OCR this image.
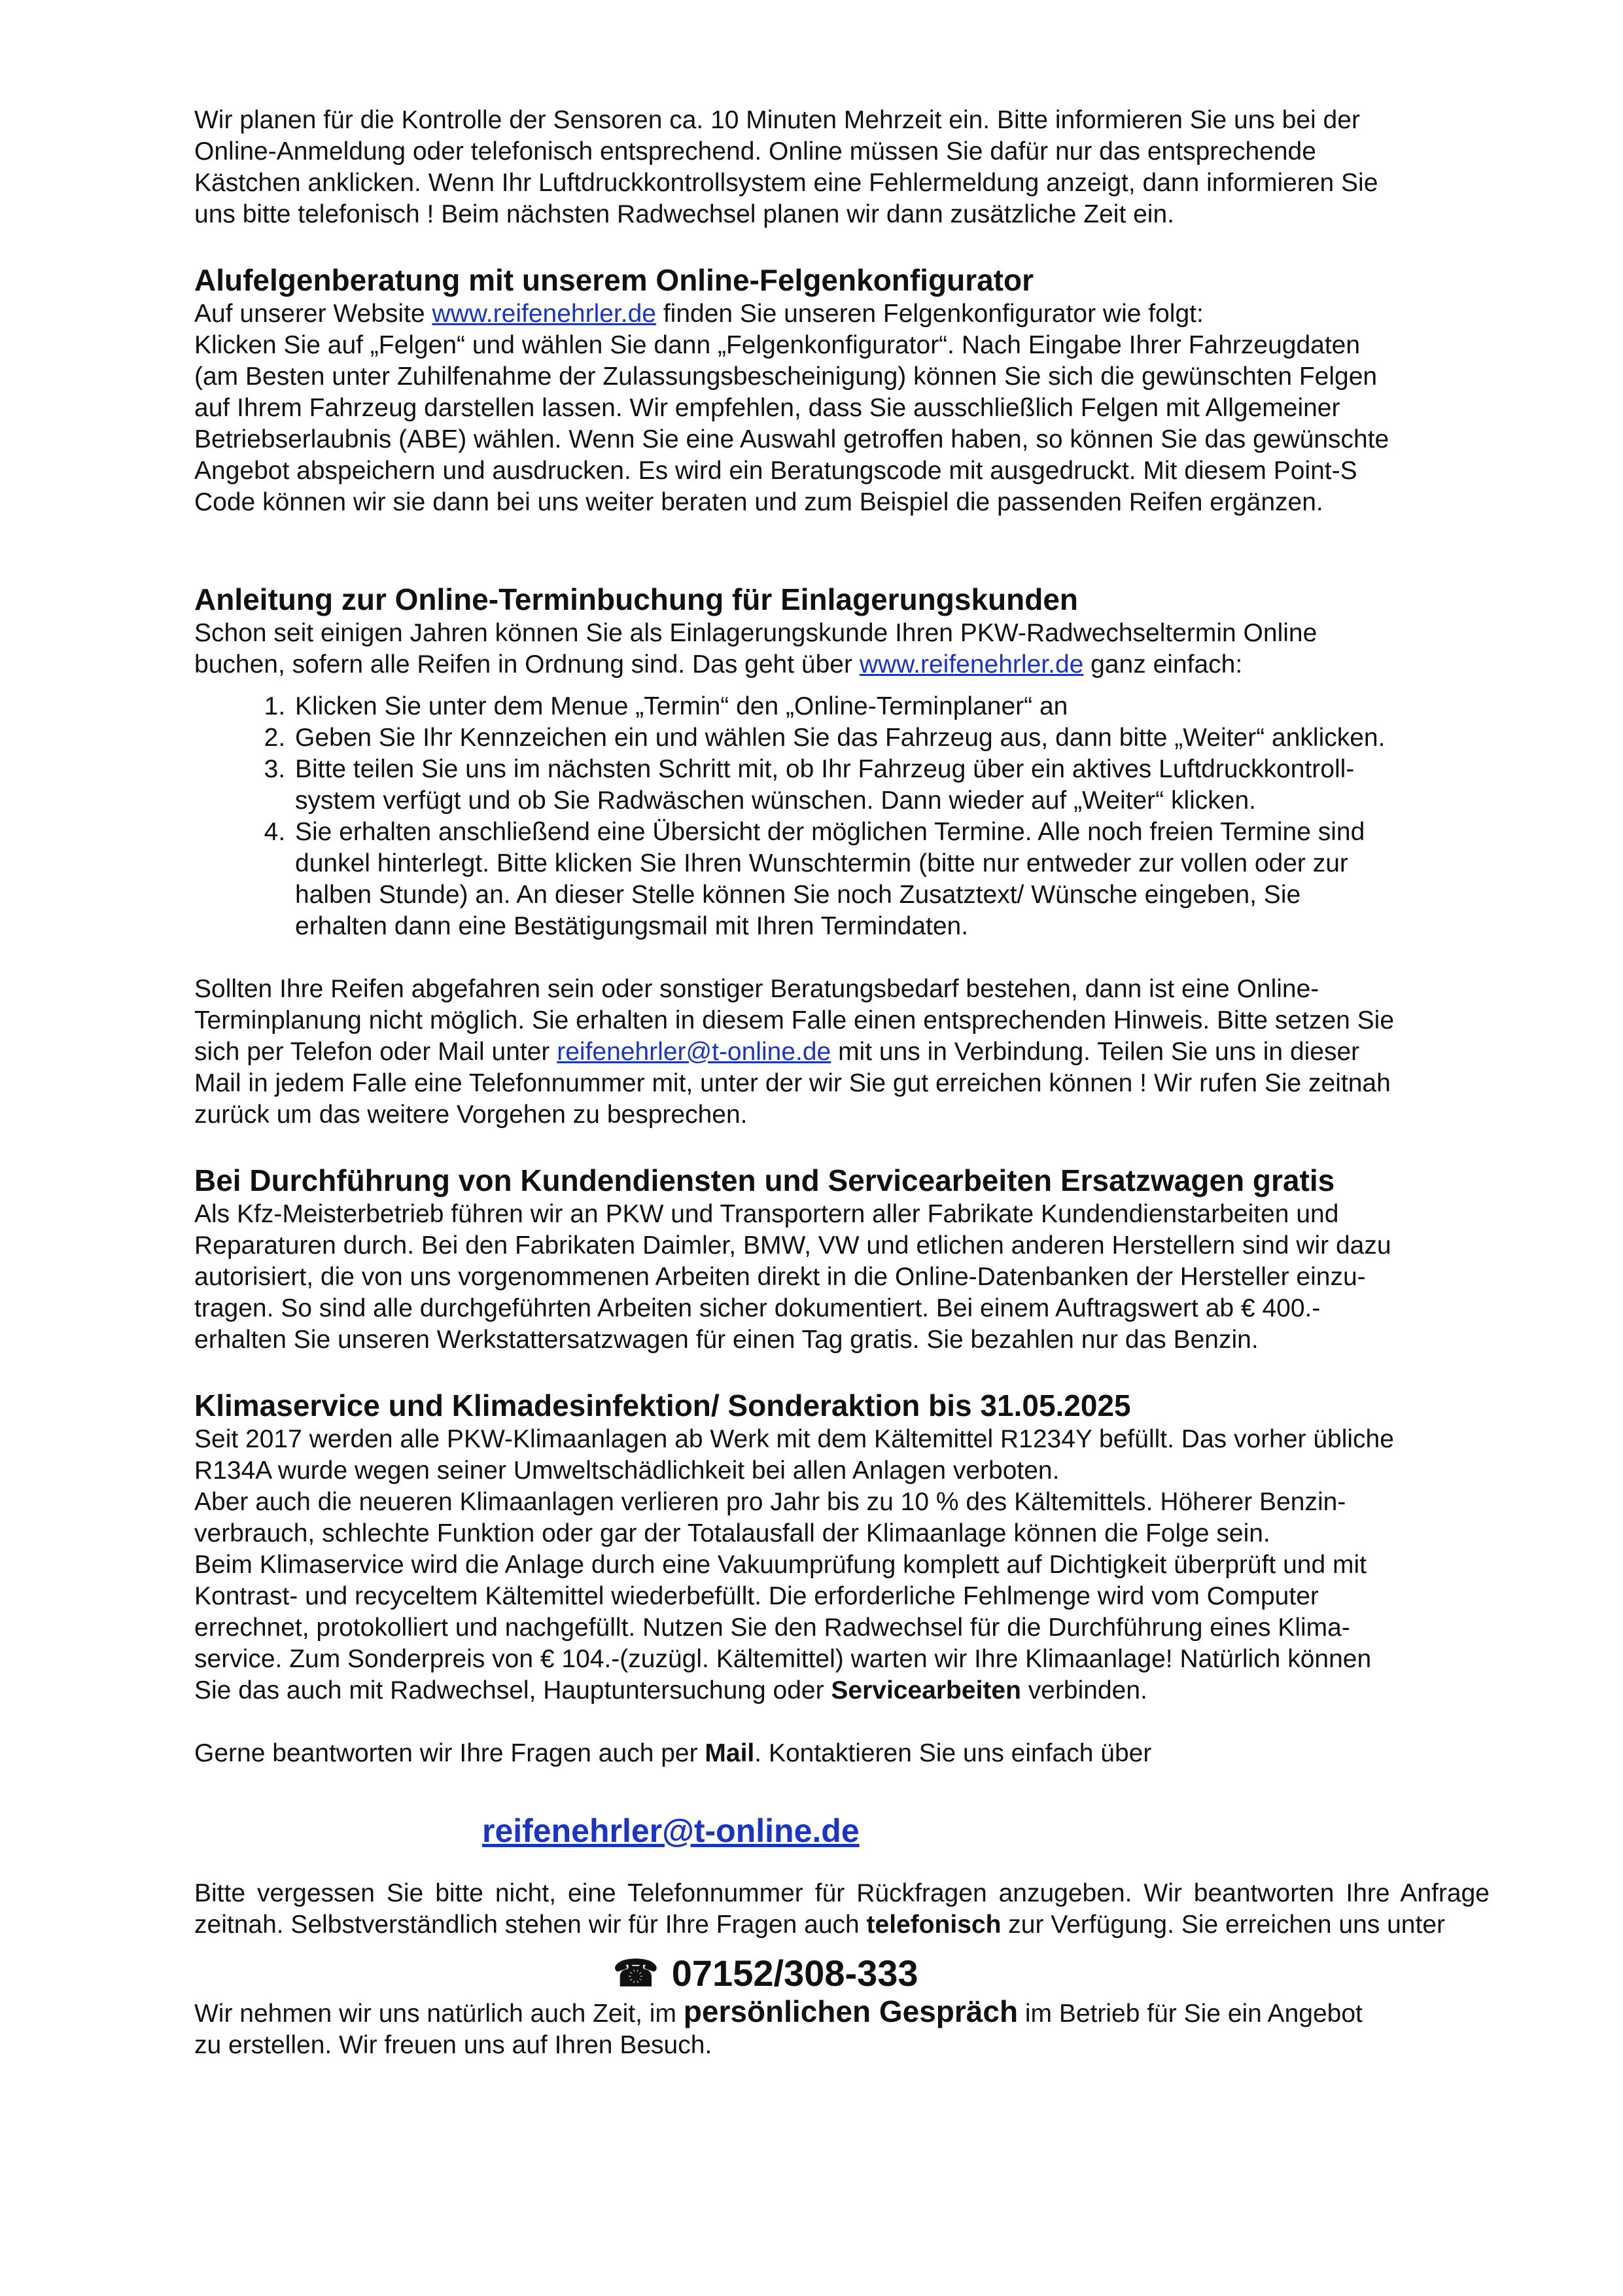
Wir planen für die Kontrolle der Sensoren ca. 10 Minuten Mehrzeit ein. Bitte informieren Sie uns bei der

Online-Anmeldung oder telefonisch entsprechend. Online müssen Sie dafür nur das entsprechende

Kästchen anklicken. Wenn Ihr Luftdruckkontrollsystem eine Fehlermeldung anzeigt, dann informieren Sie

uns bitte telefonisch ! Beim nächsten Radwechsel planen wir dann zusätzliche Zeit ein.

Alufelgenberatung mit unserem Online-Felgenkonfigurator

Auf unserer Website www.reifenehrler.de finden Sie unseren Felgenkonfigurator wie folgt:

Klicken Sie auf „Felgen“ und wählen Sie dann „Felgenkonfigurator“. Nach Eingabe Ihrer Fahrzeugdaten

(am Besten unter Zuhilfenahme der Zulassungsbescheinigung) können Sie sich die gewünschten Felgen

auf Ihrem Fahrzeug darstellen lassen. Wir empfehlen, dass Sie ausschließlich Felgen mit Allgemeiner

Betriebserlaubnis (ABE) wählen. Wenn Sie eine Auswahl getroffen haben, so können Sie das gewünschte

Angebot abspeichern und ausdrucken. Es wird ein Beratungscode mit ausgedruckt. Mit diesem Point-S

Code können wir sie dann bei uns weiter beraten und zum Beispiel die passenden Reifen ergänzen.

Anleitung zur Online-Terminbuchung für Einlagerungskunden

Schon seit einigen Jahren können Sie als Einlagerungskunde Ihren PKW-Radwechseltermin Online

buchen, sofern alle Reifen in Ordnung sind. Das geht über www.reifenehrler.de ganz einfach:

1. Klicken Sie unter dem Menue „Termin“ den „Online-Terminplaner“ an
2. Geben Sie Ihr Kennzeichen ein und wählen Sie das Fahrzeug aus, dann bitte „Weiter“ anklicken.
3. Bitte teilen Sie uns im nächsten Schritt mit, ob Ihr Fahrzeug über ein aktives Luftdruckkontroll-system verfügt und ob Sie Radwäschen wünschen. Dann wieder auf „Weiter“ klicken.
4. Sie erhalten anschließend eine Übersicht der möglichen Termine. Alle noch freien Termine sind dunkel hinterlegt. Bitte klicken Sie Ihren Wunschtermin (bitte nur entweder zur vollen oder zur halben Stunde) an. An dieser Stelle können Sie noch Zusatztext/ Wünsche eingeben, Sie erhalten dann eine Bestätigungsmail mit Ihren Termindaten.

Sollten Ihre Reifen abgefahren sein oder sonstiger Beratungsbedarf bestehen, dann ist eine Online-

Terminplanung nicht möglich. Sie erhalten in diesem Falle einen entsprechenden Hinweis. Bitte setzen Sie

sich per Telefon oder Mail unter reifenehrler@t-online.de mit uns in Verbindung. Teilen Sie uns in dieser

Mail in jedem Falle eine Telefonnummer mit, unter der wir Sie gut erreichen können ! Wir rufen Sie zeitnah

zurück um das weitere Vorgehen zu besprechen.

Bei Durchführung von Kundendiensten und Servicearbeiten Ersatzwagen gratis

Als Kfz-Meisterbetrieb führen wir an PKW und Transportern aller Fabrikate Kundendienstarbeiten und

Reparaturen durch. Bei den Fabrikaten Daimler, BMW, VW und etlichen anderen Herstellern sind wir dazu

autorisiert, die von uns vorgenommenen Arbeiten direkt in die Online-Datenbanken der Hersteller einzu-

tragen. So sind alle durchgeführten Arbeiten sicher dokumentiert. Bei einem Auftragswert ab € 400.-

erhalten Sie unseren Werkstattersatzwagen für einen Tag gratis. Sie bezahlen nur das Benzin.

Klimaservice und Klimadesinfektion/ Sonderaktion bis 31.05.2025

Seit 2017 werden alle PKW-Klimaanlagen ab Werk mit dem Kältemittel R1234Y befüllt. Das vorher übliche

R134A wurde wegen seiner Umweltschädlichkeit bei allen Anlagen verboten.

Aber auch die neueren Klimaanlagen verlieren pro Jahr bis zu 10 % des Kältemittels. Höherer Benzin-

verbrauch, schlechte Funktion oder gar der Totalausfall der Klimaanlage können die Folge sein.

Beim Klimaservice wird die Anlage durch eine Vakuumprüfung komplett auf Dichtigkeit überprüft und mit

Kontrast- und recyceltem Kältemittel wiederbefüllt. Die erforderliche Fehlmenge wird vom Computer

errechnet, protokolliert und nachgefüllt. Nutzen Sie den Radwechsel für die Durchführung eines Klima-

service. Zum Sonderpreis von € 104.-(zuzügl. Kältemittel) warten wir Ihre Klimaanlage! Natürlich können

Sie das auch mit Radwechsel, Hauptuntersuchung oder Servicearbeiten verbinden.

Gerne beantworten wir Ihre Fragen auch per Mail. Kontaktieren Sie uns einfach über

reifenehrler@t-online.de

Bitte vergessen Sie bitte nicht, eine Telefonnummer für Rückfragen anzugeben. Wir beantworten Ihre Anfrage zeitnah. Selbstverständlich stehen wir für Ihre Fragen auch telefonisch zur Verfügung. Sie erreichen uns unter

☎ 07152/308-333

Wir nehmen wir uns natürlich auch Zeit, im persönlichen Gespräch im Betrieb für Sie ein Angebot

zu erstellen. Wir freuen uns auf Ihren Besuch.
